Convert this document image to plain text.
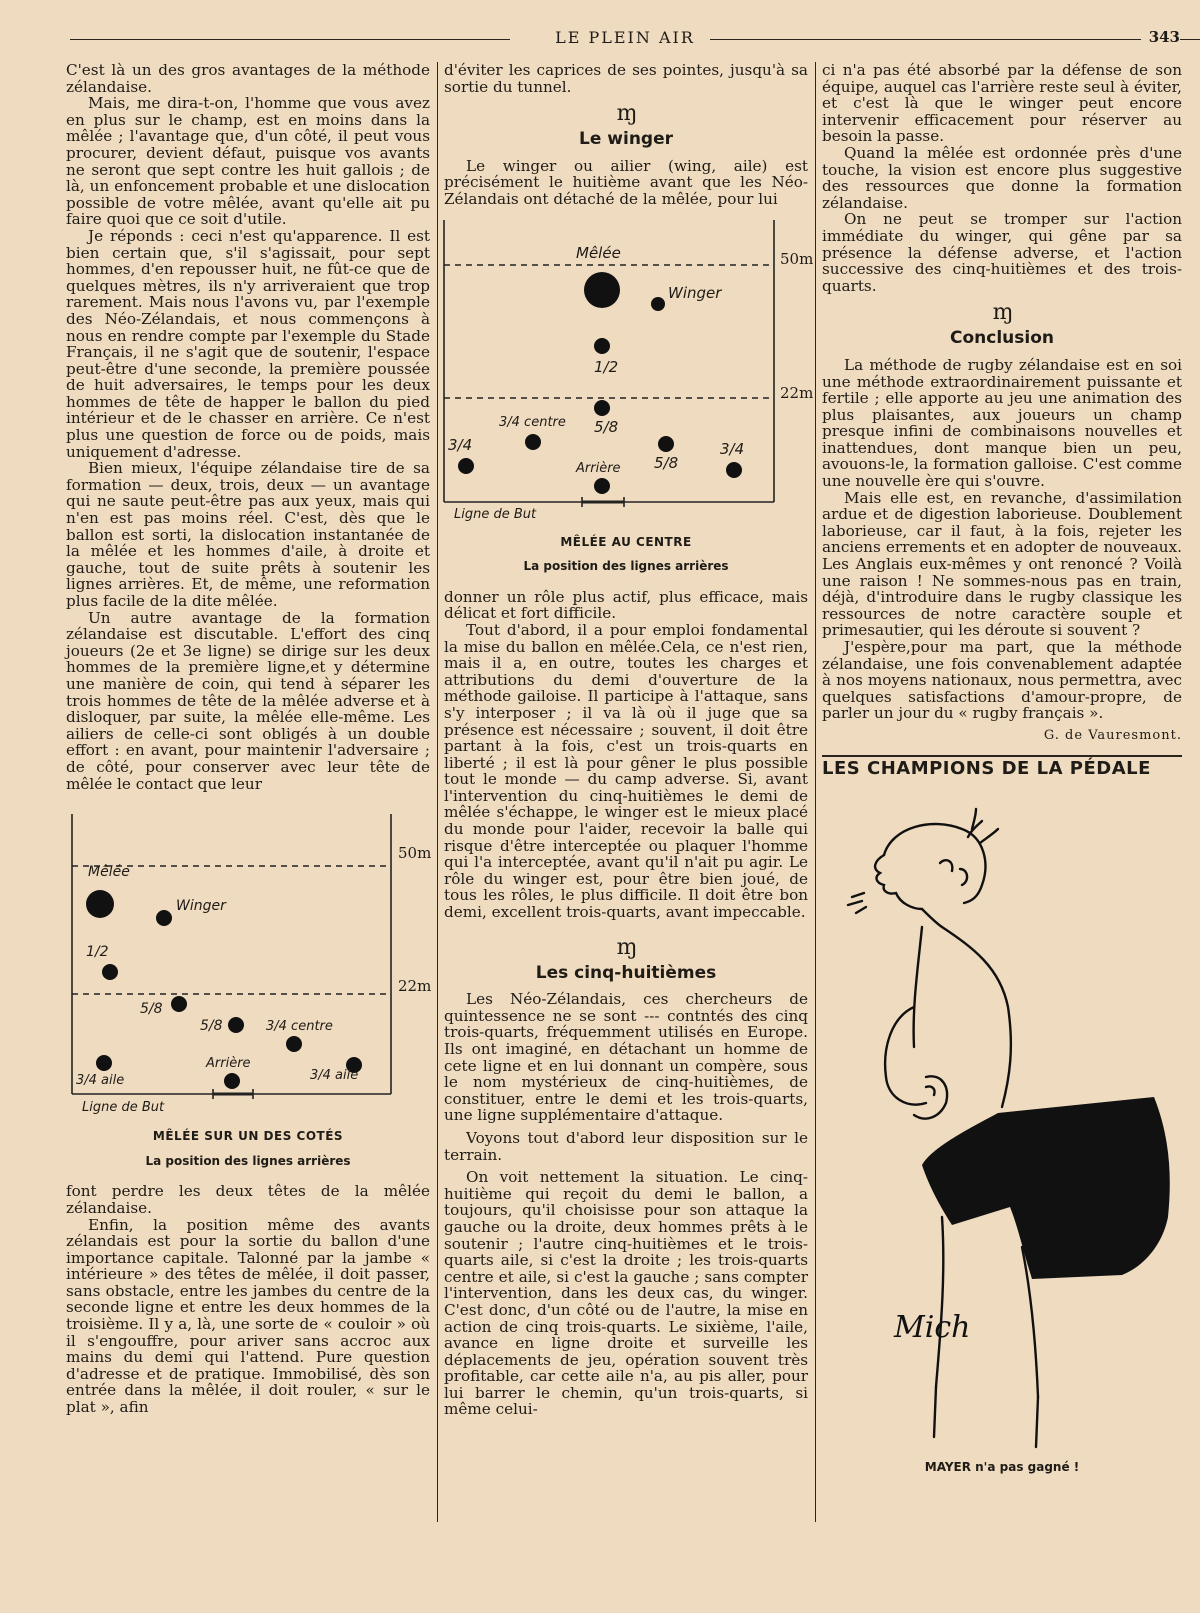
LE PLEIN AIR	343

C'est là un des gros avantages de la méthode zélandaise.

Mais, me dira-t-on, l'homme que vous avez en plus sur le champ, est en moins dans la mêlée ; l'avantage que, d'un côté, il peut vous procurer, devient défaut, puisque vos avants ne seront que sept contre les huit gallois ; de là, un enfoncement probable et une dislocation possible de votre mêlée, avant qu'elle ait pu faire quoi que ce soit d'utile.

Je réponds : ceci n'est qu'apparence. Il est bien certain que, s'il s'agissait, pour sept hommes, d'en repousser huit, ne fût-ce que de quelques mètres, ils n'y arriveraient que trop rarement. Mais nous l'avons vu, par l'exemple des Néo-Zélandais, et nous commençons à nous en rendre compte par l'exemple du Stade Français, il ne s'agit que de soutenir, l'espace peut-être d'une seconde, la première poussée de huit adversaires, le temps pour les deux hommes de tête de happer le ballon du pied intérieur et de le chasser en arrière. Ce n'est plus une question de force ou de poids, mais uniquement d'adresse.

Bien mieux, l'équipe zélandaise tire de sa formation — deux, trois, deux — un avantage qui ne saute peut-être pas aux yeux, mais qui n'en est pas moins réel. C'est, dès que le ballon est sorti, la dislocation instantanée de la mêlée et les hommes d'aile, à droite et gauche, tout de suite prêts à soutenir les lignes arrières. Et, de même, une reformation plus facile de la dite mêlée.

Un autre avantage de la formation zélandaise est discutable. L'effort des cinq joueurs (2e et 3e ligne) se dirige sur les deux hommes de la première ligne,et y détermine une manière de coin, qui tend à séparer les trois hommes de tête de la mêlée adverse et à disloquer, par suite, la mêlée elle-même. Les ailiers de celle-ci sont obligés à un double effort : en avant, pour maintenir l'adversaire ; de côté, pour conserver avec leur tête de mêlée le contact que leur

50m
22m
Mêlée
Winger
1/2
5/8
5/8	3/4 centre
Arrière
3/4 aile	3/4 aile
Ligne de But
MÊLÉE SUR UN DES COTÉS
La position des lignes arrières

font perdre les deux têtes de la mêlée zélandaise.

Enfin, la position même des avants zélandais est pour la sortie du ballon d'une importance capitale. Talonné par la jambe « intérieure » des têtes de mêlée, il doit passer, sans obstacle, entre les jambes du centre de la seconde ligne et entre les deux hommes de la troisième. Il y a, là, une sorte de « couloir » où il s'engouffre, pour ariver sans accroc aux mains du demi qui l'attend. Pure question d'adresse et de pratique. Immobilisé, dès son entrée dans la mêlée, il doit rouler, « sur le plat », afin

d'éviter les caprices de ses pointes, jusqu'à sa sortie du tunnel.

ɱ
Le winger

Le winger ou ailier (wing, aile) est précisément le huitième avant que les Néo-Zélandais ont détaché de la mêlée, pour lui

50m
22m
Mêlée
Winger
1/2
5/8
5/8
3/4 centre
3/4	3/4
Arrière
Ligne de But
MÊLÉE AU CENTRE
La position des lignes arrières

donner un rôle plus actif, plus efficace, mais délicat et fort difficile.

Tout d'abord, il a pour emploi fondamental la mise du ballon en mêlée.Cela, ce n'est rien, mais il a, en outre, toutes les charges et attributions du demi d'ouverture de la méthode gailoise. Il participe à l'attaque, sans s'y interposer ; il va là où il juge que sa présence est nécessaire ; souvent, il doit être partant à la fois, c'est un trois-quarts en liberté ; il est là pour gêner le plus possible tout le monde — du camp adverse. Si, avant l'intervention du cinq-huitièmes le demi de mêlée s'échappe, le winger est le mieux placé du monde pour l'aider, recevoir la balle qui risque d'être interceptée ou plaquer l'homme qui l'a interceptée, avant qu'il n'ait pu agir. Le rôle du winger est, pour être bien joué, de tous les rôles, le plus difficile. Il doit être bon demi, excellent trois-quarts, avant impeccable.

ɱ
Les cinq-huitièmes

Les Néo-Zélandais, ces chercheurs de quintessence ne se sont --- contntés des cinq trois-quarts, fréquemment utilisés en Europe. Ils ont imaginé, en détachant un homme de cete ligne et en lui donnant un compère, sous le nom mystérieux de cinq-huitièmes, de constituer, entre le demi et les trois-quarts, une ligne supplémentaire d'attaque.

Voyons tout d'abord leur disposition sur le terrain.

On voit nettement la situation. Le cinq-huitième qui reçoit du demi le ballon, a toujours, qu'il choisisse pour son attaque la gauche ou la droite, deux hommes prêts à le soutenir ; l'autre cinq-huitièmes et le trois-quarts aile, si c'est la droite ; les trois-quarts centre et aile, si c'est la gauche ; sans compter l'intervention, dans les deux cas, du winger. C'est donc, d'un côté ou de l'autre, la mise en action de cinq trois-quarts. Le sixième, l'aile, avance en ligne droite et surveille les déplacements de jeu, opération souvent très profitable, car cette aile n'a, au pis aller, pour lui barrer le chemin, qu'un trois-quarts, si même celui-

ci n'a pas été absorbé par la défense de son équipe, auquel cas l'arrière reste seul à éviter, et c'est là que le winger peut encore intervenir efficacement pour réserver au besoin la passe.

Quand la mêlée est ordonnée près d'une touche, la vision est encore plus suggestive des ressources que donne la formation zélandaise.

On ne peut se tromper sur l'action immédiate du winger, qui gêne par sa présence la défense adverse, et l'action successive des cinq-huitièmes et des trois-quarts.

ɱ
Conclusion

La méthode de rugby zélandaise est en soi une méthode extraordinairement puissante et fertile ; elle apporte au jeu une animation des plus plaisantes, aux joueurs un champ presque infini de combinaisons nouvelles et inattendues, dont manque bien un peu, avouons-le, la formation galloise. C'est comme une nouvelle ère qui s'ouvre.

Mais elle est, en revanche, d'assimilation ardue et de digestion laborieuse. Doublement laborieuse, car il faut, à la fois, rejeter les anciens errements et en adopter de nouveaux. Les Anglais eux-mêmes y ont renoncé ? Voilà une raison ! Ne sommes-nous pas en train, déjà, d'introduire dans le rugby classique les ressources de notre caractère souple et primesautier, qui les déroute si souvent ?

J'espère,pour ma part, que la méthode zélandaise, une fois convenablement adaptée à nos moyens nationaux, nous permettra, avec quelques satisfactions d'amour-propre, de parler un jour du « rugby français ».

G. de Vauresmont.
LES CHAMPIONS DE LA PÉDALE
Mich
MAYER n'a pas gagné !
